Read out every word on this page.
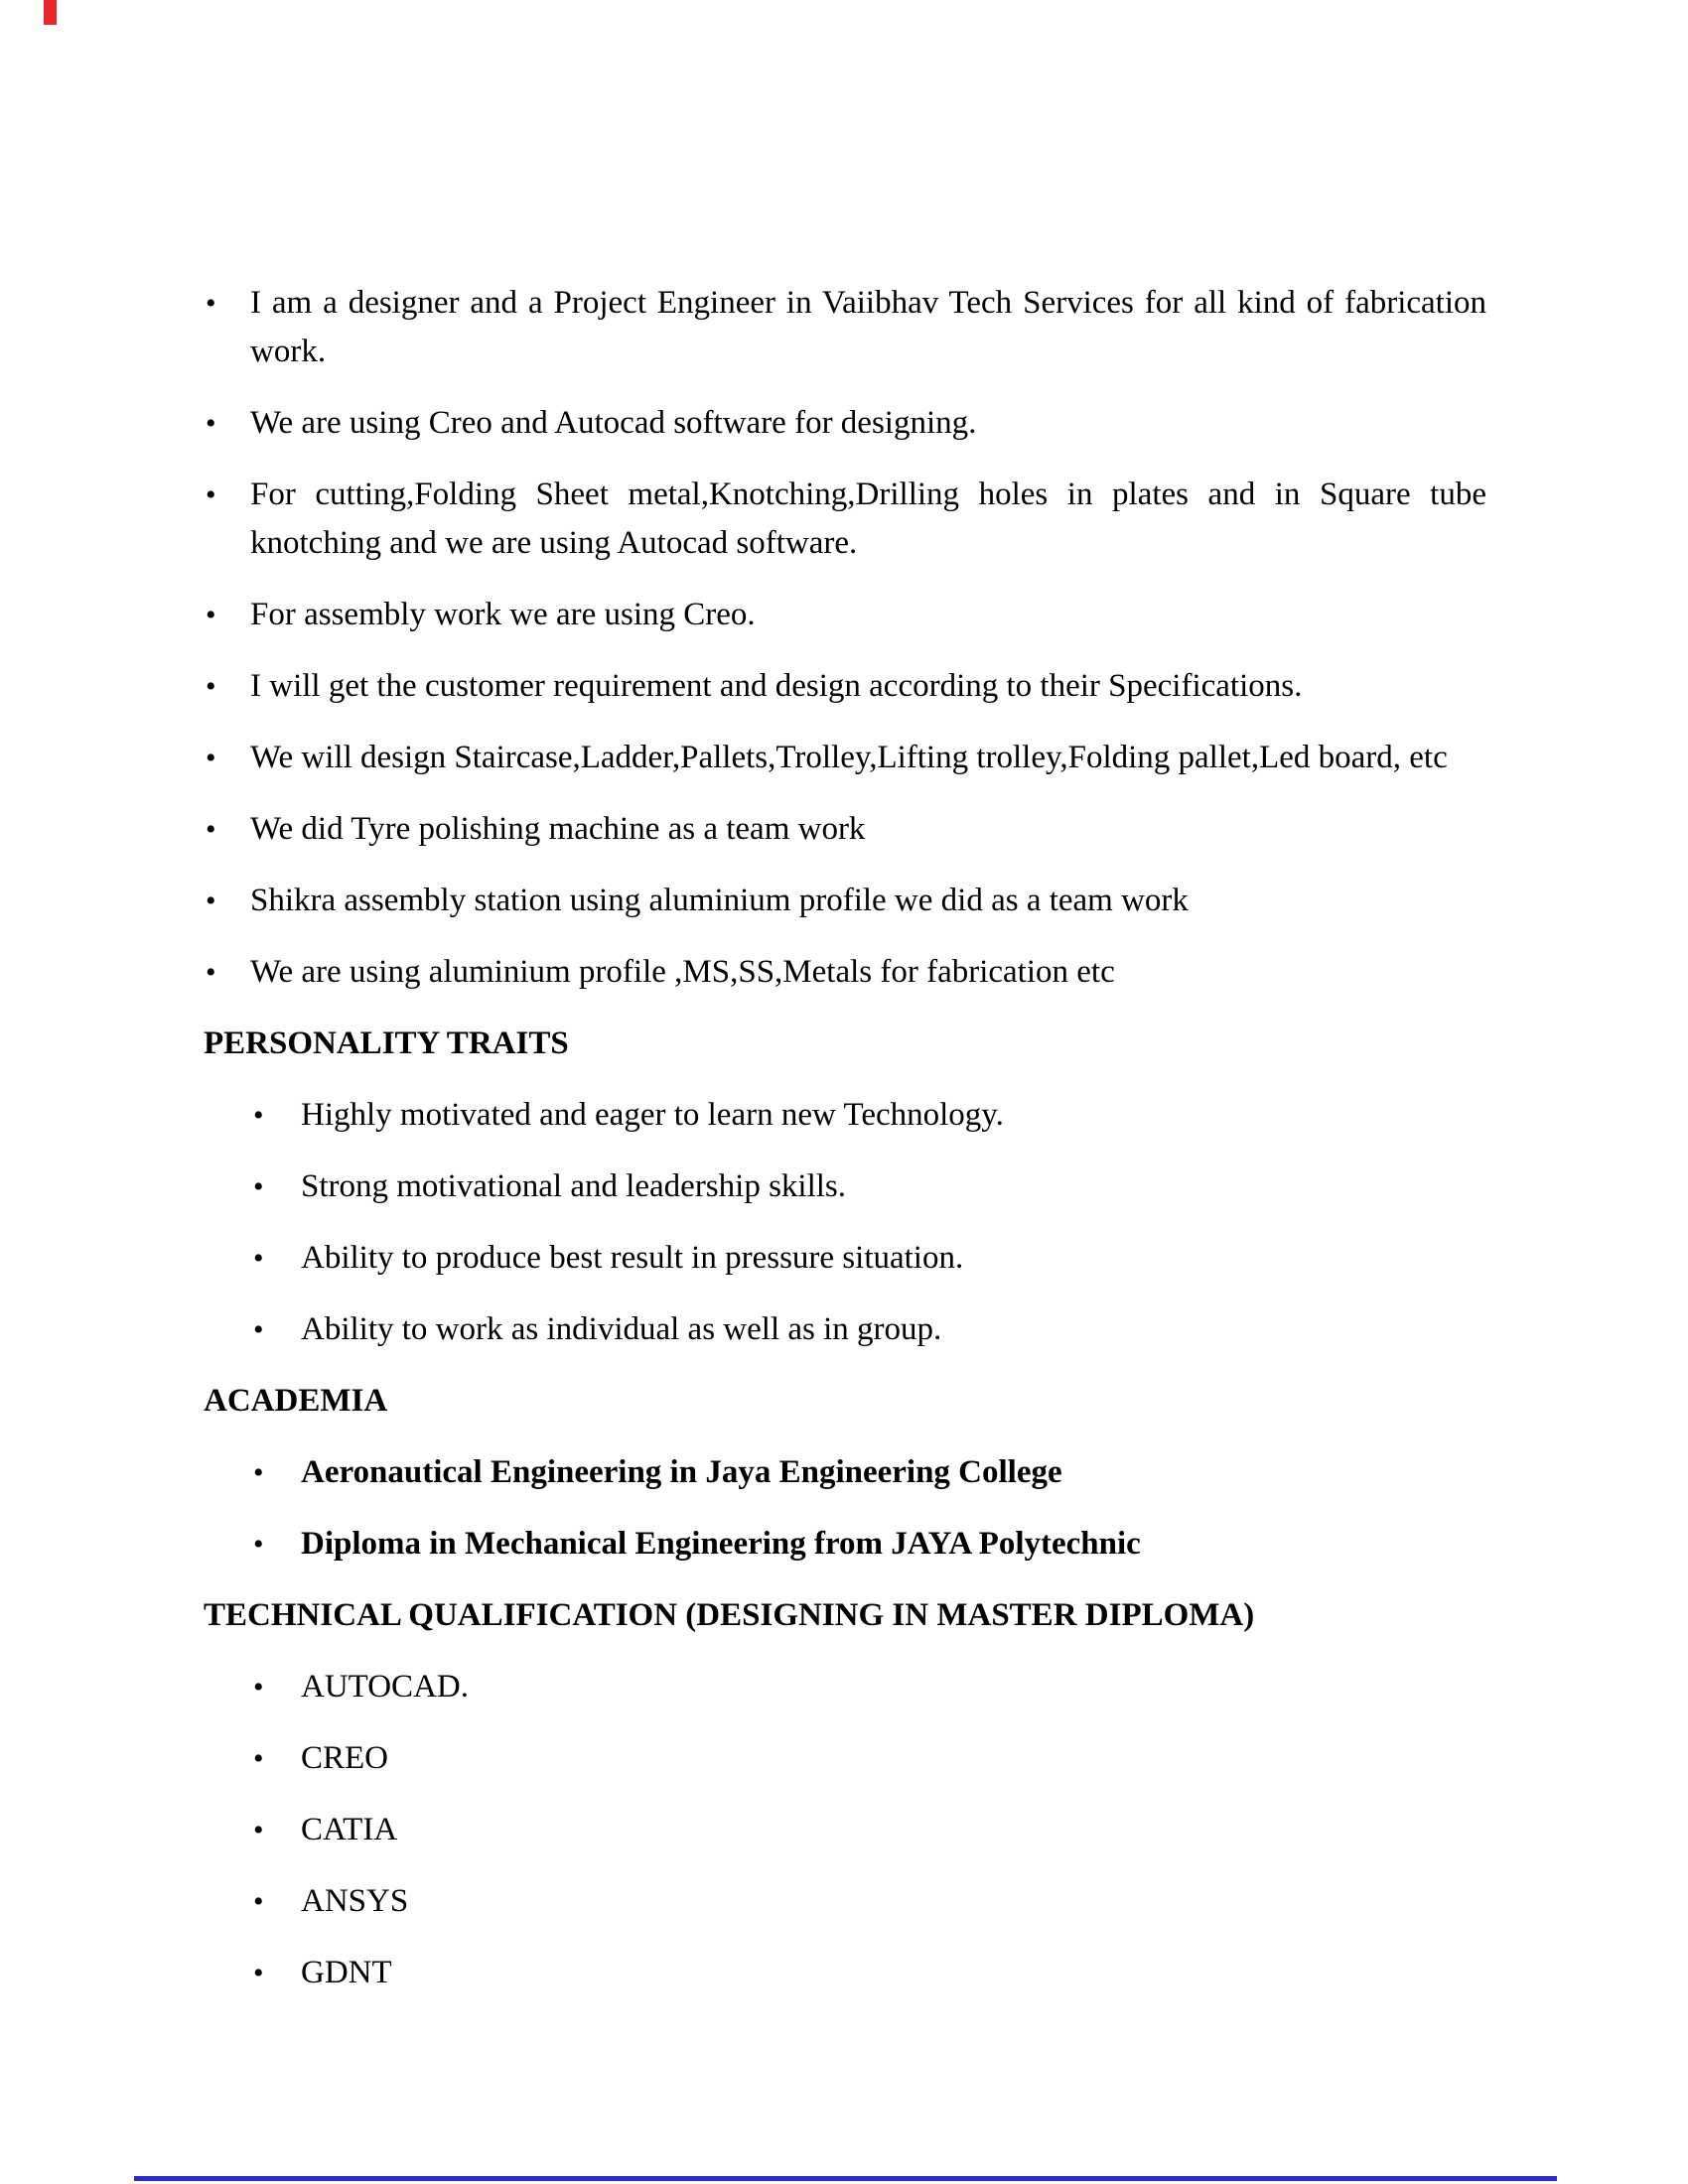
•	I am a designer and a Project Engineer in Vaiibhav Tech Services for all kind of fabrication work.
•	We are using Creo and Autocad software for designing.
•	For cutting,Folding Sheet metal,Knotching,Drilling holes in plates and in Square tube knotching and we are using Autocad software.
•	For assembly work we are using Creo.
•	I will get the customer requirement and design according to their Specifications.
•	We will design Staircase,Ladder,Pallets,Trolley,Lifting trolley,Folding pallet,Led board, etc
•	We did Tyre polishing machine as a team work
•	Shikra assembly station using aluminium profile we did as a team work
•	We are using aluminium profile ,MS,SS,Metals for fabrication etc
PERSONALITY TRAITS
•	Highly motivated and eager to learn new Technology.
•	Strong motivational and leadership skills.
•	Ability to produce best result in pressure situation.
•	Ability to work as individual as well as in group.
ACADEMIA
•	Aeronautical Engineering in Jaya Engineering College
•	Diploma in Mechanical Engineering from JAYA Polytechnic
TECHNICAL QUALIFICATION (DESIGNING IN MASTER DIPLOMA)
•	AUTOCAD.
•	CREO
•	CATIA
•	ANSYS
•	GDNT
